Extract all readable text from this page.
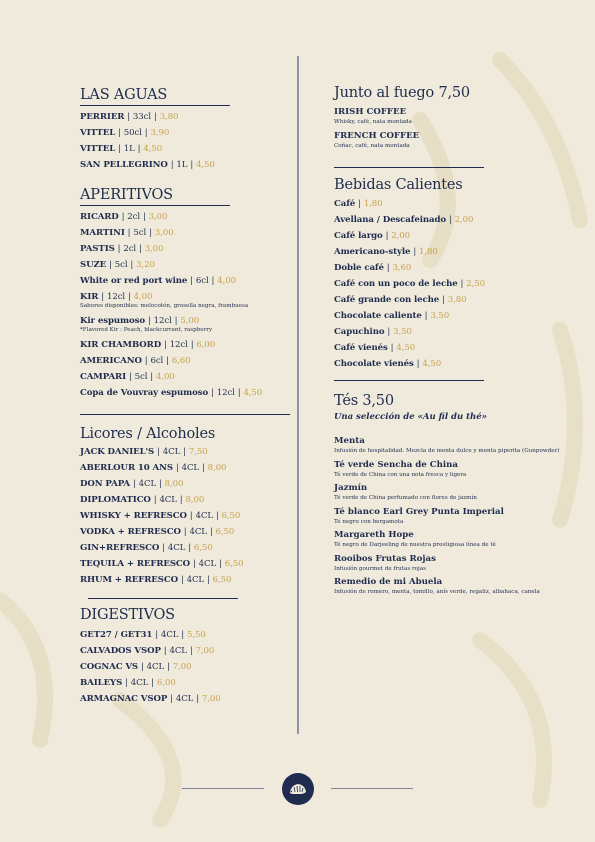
LAS AGUAS
PERRIER | 33cl | 3,80
VITTEL | 50cl | 3,90
VITTEL | 1L | 4,50
SAN PELLEGRINO | 1L | 4,50
APERITIVOS
RICARD | 2cl | 3,00
MARTINI | 5cl | 3,00
PASTIS | 2cl | 3,00
SUZE | 5cl | 3,20
White or red port wine | 6cl | 4,00
KIR | 12cl | 4,00
Sabores disponibles: melocotón, grosella negra, frambuesa
Kir espumoso | 12cl | 5,00
*Flavored Kir : Peach, blackcurrant, raspberry
KIR CHAMBORD | 12cl | 6,00
AMERICANO | 6cl | 6,60
CAMPARI | 5cl | 4,00
Copa de Vouvray espumoso | 12cl | 4,50
Licores / Alcoholes
JACK DANIEL'S | 4CL | 7,50
ABERLOUR 10 ANS | 4CL | 8,00
DON PAPA | 4CL | 8,00
DIPLOMATICO | 4CL | 8,00
WHISKY + REFRESCO | 4CL | 6,50
VODKA + REFRESCO | 4CL | 6,50
GIN+REFRESCO | 4CL | 6,50
TEQUILA + REFRESCO | 4CL | 6,50
RHUM + REFRESCO | 4CL | 6,50
DIGESTIVOS
GET27 / GET31 | 4CL | 5,50
CALVADOS VSOP | 4CL | 7,00
COGNAC VS | 4CL | 7,00
BAILEYS | 4CL | 6,00
ARMAGNAC VSOP | 4CL | 7,00
Junto al fuego 7,50
IRISH COFFEE
Whisky, café, nata montada
FRENCH COFFEE
Coñac, café, nata montada
Bebidas Calientes
Café | 1,80
Avellana / Descafeinado | 2,00
Café largo | 2,00
Americano-style | 1,80
Doble café | 3,60
Café con un poco de leche | 2,50
Café grande con leche | 3,80
Chocolate caliente | 3,50
Capuchino | 3,50
Café vienés | 4,50
Chocolate vienés | 4,50
Tés 3,50
Una selección de «Au fil du thé»
Menta
Infusión de hospitalidad. Mezcla de menta dulce y menta piperita (Gunpowder)
Té verde Sencha de China
Té verde de China con una nota fresca y ligera
Jazmín
Té verde de China perfumado con flores de jazmín
Té blanco Earl Grey Punta Imperial
Té negro con bergamota
Margareth Hope
Té negro de Darjeeling de nuestra prestigiosa línea de té
Rooibos Frutas Rojas
Infusión gourmet de frutas rojas
Remedio de mi Abuela
Infusión de romero, menta, tomillo, anís verde, regaliz, albahaca, canela
